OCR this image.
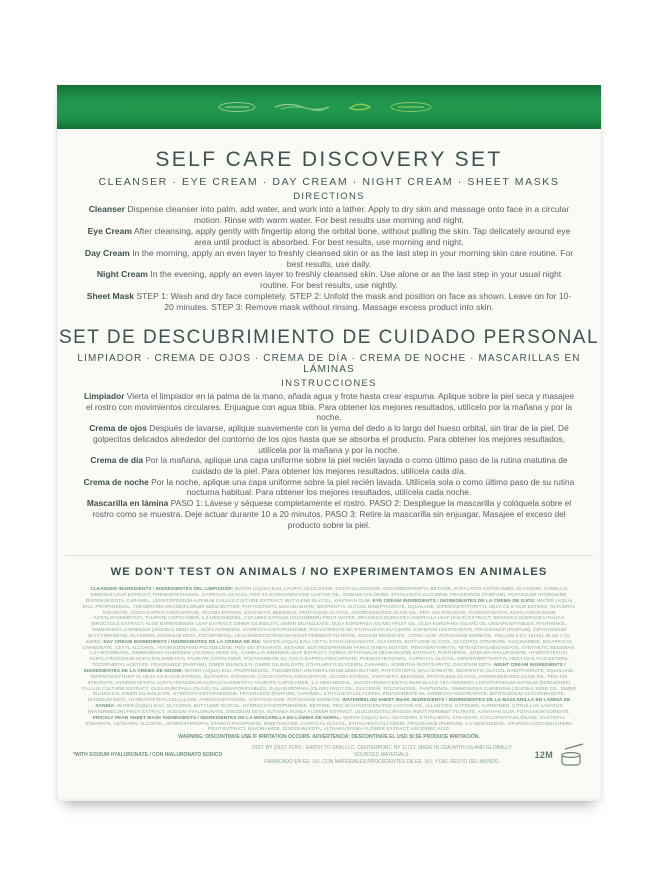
SELF CARE DISCOVERY SET
CLEANSER · EYE CREAM · DAY CREAM · NIGHT CREAM · SHEET MASKS
DIRECTIONS

Cleanser Dispense cleanser into palm, add water, and work into a lather. Apply to dry skin and massage onto face in a circular motion. Rinse with warm water. For best results use morning and night.

Eye Cream After cleansing, apply gently with fingertip along the orbital bone, without pulling the skin. Tap delicately around eye area until product is absorbed. For best results, use morning and night.

Day Cream In the morning, apply an even layer to freshly cleansed skin or as the last step in your morning skin care routine. For best results, use daily.

Night Cream In the evening, apply an even layer to freshly cleansed skin. Use alone or as the last step in your usual night routine. For best results, use nightly.

Sheet Mask STEP 1: Wash and dry face completely. STEP 2: Unfold the mask and position on face as shown. Leave on for 10-20 minutes. STEP 3: Remove mask without rinsing. Massage excess product into skin.

SET DE DESCUBRIMIENTO DE CUIDADO PERSONAL
LIMPIADOR · CREMA DE OJOS · CREMA DE DÍA · CREMA DE NOCHE · MASCARILLAS EN LÁMINAS
INSTRUCCIONES

Limpiador Vierta el limpiador en la palma de la mano, añada agua y frote hasta crear espuma. Aplique sobre la piel seca y masajee el rostro con movimientos circulares. Enjuague con agua tibia. Para obtener los mejores resultados, utilícelo por la mañana y por la noche.

Crema de ojos Después de lavarse, aplique suavemente con la yema del dedo a lo largo del hueso orbital, sin tirar de la piel. Dé golpecitos delicados alrededor del contorno de los ojos hasta que se absorba el producto. Para obtener los mejores resultados, utilícela por la mañana y por la noche.

Crema de día Por la mañana, aplique una capa uniforme sobre la piel recién lavada o como último paso de la rutina matutina de cuidado de la piel. Para obtener los mejores resultados, utilícela cada día.

Crema de noche Por la noche, aplique una capa uniforme sobre la piel recién lavada. Utilícela sola o como último paso de su rutina nocturna habitual. Para obtener los mejores resultados, utilícela cada noche.

Mascarilla en lámina PASO 1: Lávese y séquese completamente el rostro. PASO 2: Despliegue la mascarilla y colóquela sobre el rostro como se muestra. Deje actuar durante 10 a 20 minutos. PASO 3: Retire la mascarilla sin enjuagar. Masajee el exceso del producto sobre la piel.

WE DON'T TEST ON ANIMALS / NO EXPERIMENTAMOS EN ANIMALES
CLEANSER INGREDIENTS / INGREDIENTES DEL LIMPIADOR: WATER (AQUA) EAU, LAURYL GLUCOSIDE, COCO-GLUCOSIDE, COCAMIDOPROPYL BETAINE, ACRYLATES COPOLYMER, GLYCERIN, CAMELLIA SINENSIS LEAF EXTRACT, PHENOXYETHANOL, CAPRYLYL GLYCOL, PEG-40 HYDROGENATED CASTOR OIL, SODIUM CHLORIDE, ETHYLHEXYLGLYCERIN, FRAGRANCE (PARFUM), POTASSIUM HYDROXIDE, DISODIUM EDTA, CARAMEL, LEONTOPODIUM ALPINUM CALLUS CULTURE EXTRACT, BUTYLENE GLYCOL, XANTHAN GUM. EYE CREAM INGREDIENTS / INGREDIENTES DE LA CREMA DE OJOS: WATER (AQUA) EAU, PROPANEDIOL, THEOBROMA GRANDIFLORUM SEED BUTTER, PHYTOSTERYL MACADAMIATE, NEOPENTYL GLYCOL DIHEPTANOATE, SQUALANE, DIPENTAERYTHRITYL HEXA C5-9 ACID ESTERS, GLYCERYL STEARATE, COCO-CAPRYLATE/CAPRATE, JOJOBA ESTERS, SYNTHETIC BEESWAX, PENTYLENE GLYCOL, HYDROGENATED OLIVE OIL, PEG-100 STEARATE, HYDROXYETHYL ACRYLATE/SODIUM ACRYLOYLDIMETHYL TAURATE COPOLYMER, 1,2-HEXANEDIOL, CUCUMIS SATIVUS (CUCUMBER) FRUIT WATER, BRASSICA OLERACEA ACEPHALA LEAF (KALE) EXTRACT, BRASSICA OLERACEA ITALICA (BROCCOLI) EXTRACT, ALOE BARBADENSIS LEAF EXTRACT, DIMER DILINOLEYL DIMER DILINOLEATE, OLEA EUROPAEA (OLIVE) FRUIT OIL, OLEA EUROPAEA (OLIVE) OIL UNSAPONIFIABLES, PANTHENOL, SIMMONDSIA CHINENSIS (JOJOBA) SEED OIL, ISOFLAVONOIDS, HYDROXYACETOPHENONE, POLYSORBATE 60, ETHYLHEXYLGLYCERIN, SORBITAN ISOSTEARATE, FRAGRANCE (PARFUM), DIPOTASSIUM GLYCYRRHIZATE, GLYCERIN, DISODIUM EDTA, TOCOPHEROL, LEUCONOSTOC/RADISH ROOT FERMENT FILTRATE, SODIUM BENZOATE, CITRIC ACID, POTASSIUM SORBATE, YELLOW 5 (CI 19140), BLUE 1 (CI 42090). DAY CREAM INGREDIENTS / INGREDIENTES DE LA CREMA DE DÍA: WATER (AQUA) EAU, CETYL ETHYLHEXANOATE, GLYCERIN, BUTYLENE GLYCOL, GLYCERYL STEARATE, NIACINAMIDE, DICAPRYLYL CARBONATE, CETYL ALCOHOL, HYDROGENATED POLYDECENE, PEG-100 STEARATE, BETAINE, BUTYROSPERMUM PARKII (SHEA) BUTTER, PENTAERYTHRITYL TETRAETHYLHEXANOATE, SYNTHETIC BEESWAX, 1,2-HEXANEDIOL, SIMMONDSIA CHINENSIS (JOJOBA) SEED OIL, CAMELLIA SINENSIS LEAF EXTRACT, FOMES OFFICINALIS (MUSHROOM) EXTRACT, PANTHENOL, SODIUM HYALURONATE, HYDROXYETHYL ACRYLATE/SODIUM ACRYLOYLDIMETHYL TAURATE COPOLYMER, POLYSORBATE 60, COCO-CAPRYLATE/CAPRATE, PHENOXYETHANOL, CAPRYLYL GLYCOL, DIPENTAERYTHRITYL HEXA C5-9 ACID ESTERS, TOCOPHERYL ACETATE, FRAGRANCE (PARFUM), DIMER DILINOLEYL DIMER DILINOLEATE, ETHYLHEXYLGLYCERIN, CARAMEL, SORBITAN ISOSTEARATE, DISODIUM EDTA. NIGHT CREAM INGREDIENTS / INGREDIENTES DE LA CREMA DE NOCHE: WATER (AQUA) EAU, PROPANEDIOL, THEOBROMA GRANDIFLORUM SEED BUTTER, PHYTOSTERYL MACADAMIATE, NEOPENTYL GLYCOL DIHEPTANOATE, SQUALANE, DIPENTAERYTHRITYL HEXA C5-9 ACID ESTERS, GLYCERYL STEARATE, COCO-CAPRYLATE/CAPRATE, JOJOBA ESTERS, SYNTHETIC BEESWAX, PENTYLENE GLYCOL, HYDROGENATED OLIVE OIL, PEG-100 STEARATE, HYDROXYETHYL ACRYLATE/SODIUM ACRYLOYLDIMETHYL TAURATE COPOLYMER, 1,2-HEXANEDIOL, SACCHAROMYCES/XYLINUM BLACK TEA FERMENT, LEONTOPODIUM ALPINUM (EDELWEISS) CALLUS CULTURE EXTRACT, OLEA EUROPAEA (OLIVE) OIL UNSAPONIFIABLES, OLEA EUROPAEA (OLIVE) FRUIT OIL, GLYCERIN, TOCOPHEROL, PANTHENOL, SIMMONDSIA CHINENSIS (JOJOBA) SEED OIL, DIMER DILINOLEYL DIMER DILINOLEATE, HYDROXYACETOPHENONE, FRAGRANCE (PARFUM), CARAMEL, ETHYLHEXYLGLYCERIN, POLYSORBATE 60, SORBITAN ISOSTEARATE, DIPOTASSIUM GLYCYRRHIZATE, DISODIUM EDTA, HYDROXYETHYLCELLULOSE, PHENOXYETHANOL, XANTHAN GUM, POTASSIUM SORBATE. WATERMELON SHEET MASK INGREDIENTS / INGREDIENTES DE LA MASCARILLA EN LÁMINA DE SANDÍA: WATER (AQUA) EAU, GLYCERIN, BUTYLENE GLYCOL, HYDROXYACETOPHENONE, BETAINE, PEG-40 HYDROGENATED CASTOR OIL, ALLANTOIN, CAFFEINE, CARBOMER, CITRULLUS LANATUS (WATERMELON) FRUIT EXTRACT, SODIUM HYALURONATE, DISODIUM EDTA, ALTHAEA ROSEA FLOWER EXTRACT, LEUCONOSTOC/RADISH ROOT FERMENT FILTRATE, XANTHAN GUM, POTASSIUM SORBATE. PRICKLY PEAR SHEET MASK INGREDIENTS / INGREDIENTES DE LA MASCARILLA EN LÁMINA DE NOPAL: WATER (AQUA) EAU, GLYCERIN, ETHYLHEXYL STEARATE, CYCLOPENTASILOXANE, GLYCERYL STEARATE, CETEARYL ALCOHOL, HYDROXYPROPYL STARCH PHOSPHATE, DIMETHICONE, CAPRYLYL GLYCOL, ETHYLHEXYLGLYCERIN, FRAGRANCE (PARFUM), 1,2-HEXANEDIOL, OPUNTIA COCCINELLIFERA FRUIT EXTRACT, NIACINAMIDE, DISODIUM EDTA, ALTHAEA ROSEA FLOWER EXTRACT, ASCORBIC ACID.
WARNING: DISCONTINUE USE IF IRRITATION OCCURS. ADVERTENCIA: DESCONTINÚE EL USO SI SE PRODUCE IRRITACIÓN.
*WITH SODIUM HYALURONATE / CON HIALURONATO SÓDICO
DIST. BY (DIST. POR) : EARTH TO SKIN LLC, CENTERPORT, NY 11721. MADE IN USA WITH US AND GLOBALLY SOURCED MATERIALS.
FABRICADO EN EE. UU. CON MATERIALES PROCEDENTES DE EE. UU. Y DEL RESTO DEL MUNDO.
12M
